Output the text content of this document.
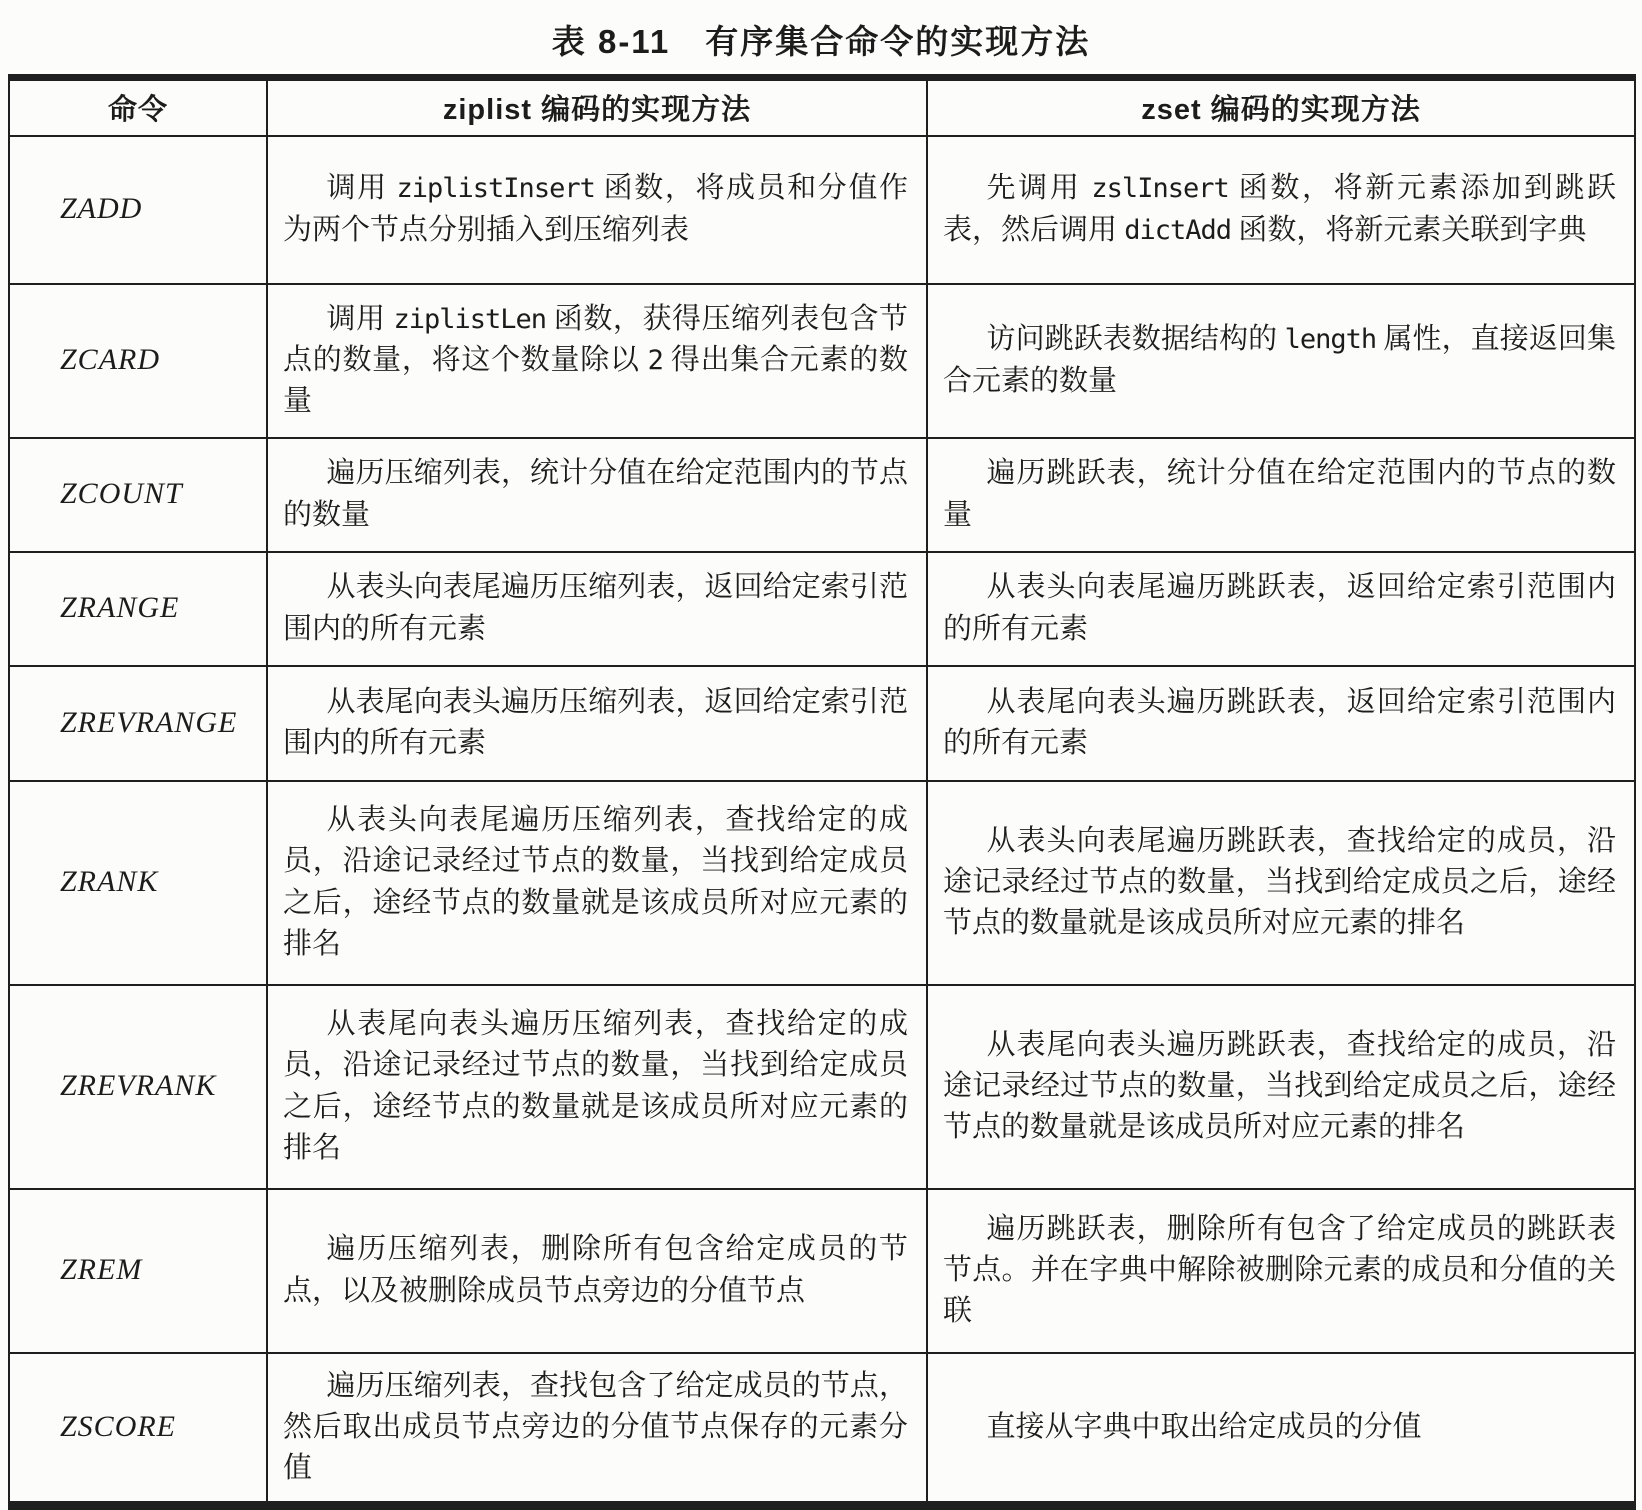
表 8-11　有序集合命令的实现方法
命令	ziplist 编码的实现方法	zset 编码的实现方法
ZADD	调用 ziplistInsert 函数，将成员和分值作为两个节点分别插入到压缩列表	先调用 zslInsert 函数，将新元素添加到跳跃表，然后调用 dictAdd 函数，将新元素关联到字典
ZCARD	调用 ziplistLen 函数，获得压缩列表包含节点的数量，将这个数量除以 2 得出集合元素的数量	访问跳跃表数据结构的 length 属性，直接返回集合元素的数量
ZCOUNT	遍历压缩列表，统计分值在给定范围内的节点的数量	遍历跳跃表，统计分值在给定范围内的节点的数量
ZRANGE	从表头向表尾遍历压缩列表，返回给定索引范围内的所有元素	从表头向表尾遍历跳跃表，返回给定索引范围内的所有元素
ZREVRANGE	从表尾向表头遍历压缩列表，返回给定索引范围内的所有元素	从表尾向表头遍历跳跃表，返回给定索引范围内的所有元素
ZRANK	从表头向表尾遍历压缩列表，查找给定的成员，沿途记录经过节点的数量，当找到给定成员之后，途经节点的数量就是该成员所对应元素的排名	从表头向表尾遍历跳跃表，查找给定的成员，沿途记录经过节点的数量，当找到给定成员之后，途经节点的数量就是该成员所对应元素的排名
ZREVRANK	从表尾向表头遍历压缩列表，查找给定的成员，沿途记录经过节点的数量，当找到给定成员之后，途经节点的数量就是该成员所对应元素的排名	从表尾向表头遍历跳跃表，查找给定的成员，沿途记录经过节点的数量，当找到给定成员之后，途经节点的数量就是该成员所对应元素的排名
ZREM	遍历压缩列表，删除所有包含给定成员的节点，以及被删除成员节点旁边的分值节点	遍历跳跃表，删除所有包含了给定成员的跳跃表节点。并在字典中解除被删除元素的成员和分值的关联
ZSCORE	遍历压缩列表，查找包含了给定成员的节点，然后取出成员节点旁边的分值节点保存的元素分值	直接从字典中取出给定成员的分值
